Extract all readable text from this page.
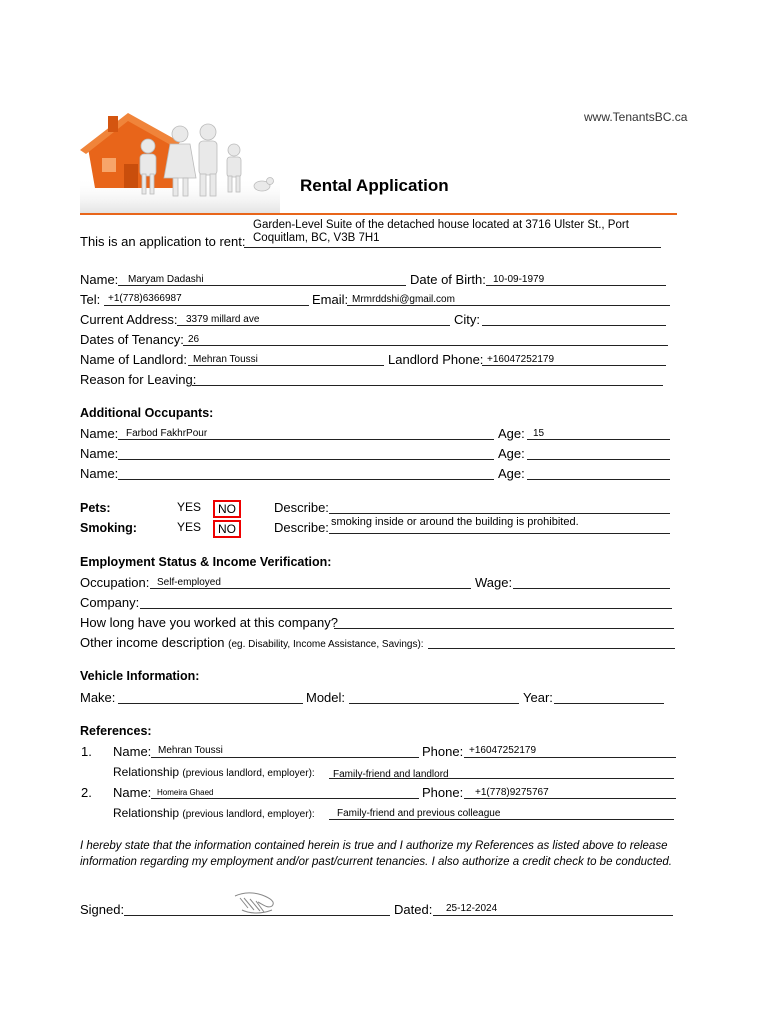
www.TenantsBC.ca
Rental Application
This is an application to rent:
Garden-Level Suite of the detached house located at 3716 Ulster St., Port
Coquitlam, BC, V3B 7H1
Name: Maryam Dadashi	Date of Birth: 10-09-1979
Tel: +1(778)6366987	Email: Mrmrddshi@gmail.com
Current Address: 3379 millard ave	City:
Dates of Tenancy: 26
Name of Landlord: Mehran Toussi	Landlord Phone: +16047252179
Reason for Leaving:
Additional Occupants:
Name: Farbod FakhrPour	Age: 15
Name:	Age:
Name:	Age:
Pets:	YES	NO	Describe:
Smoking:	YES	NO	Describe: smoking inside or around the building is prohibited.
Employment Status & Income Verification:
Occupation: Self-employed	Wage:
Company:
How long have you worked at this company?
Other income description (eg. Disability, Income Assistance, Savings):
Vehicle Information:
Make:	Model:	Year:
References:
1. Name: Mehran Toussi	Phone: +16047252179
Relationship (previous landlord, employer): Family-friend and landlord
2. Name: Homeira Ghaed	Phone: +1(778)9275767
Relationship (previous landlord, employer): Family-friend and previous colleague
I hereby state that the information contained herein is true and I authorize my References as listed above to release information regarding my employment and/or past/current tenancies. I also authorize a credit check to be conducted.
Signed:	Dated: 25-12-2024
